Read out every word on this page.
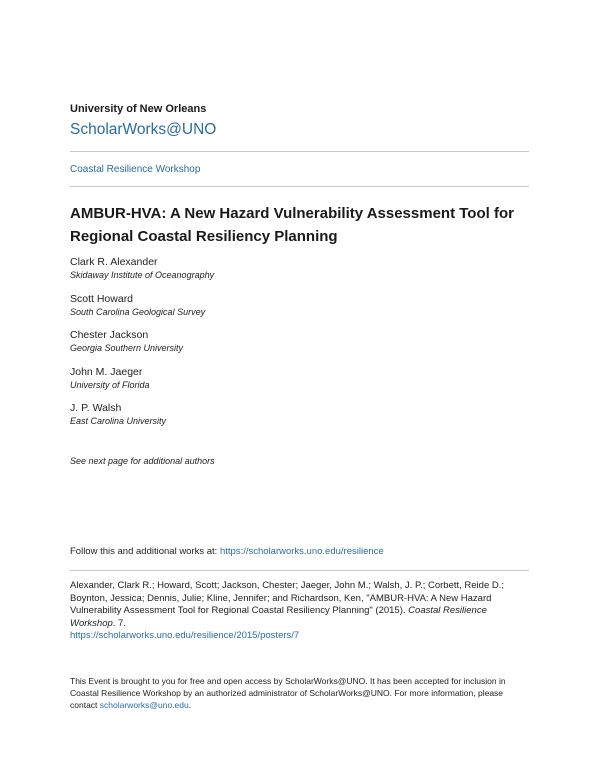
University of New Orleans
ScholarWorks@UNO
Coastal Resilience Workshop
AMBUR-HVA: A New Hazard Vulnerability Assessment Tool for
Regional Coastal Resiliency Planning
Clark R. Alexander
Skidaway Institute of Oceanography
Scott Howard
South Carolina Geological Survey
Chester Jackson
Georgia Southern University
John M. Jaeger
University of Florida
J. P. Walsh
East Carolina University
See next page for additional authors
Follow this and additional works at: https://scholarworks.uno.edu/resilience
Alexander, Clark R.; Howard, Scott; Jackson, Chester; Jaeger, John M.; Walsh, J. P.; Corbett, Reide D.;
Boynton, Jessica; Dennis, Julie; Kline, Jennifer; and Richardson, Ken, "AMBUR-HVA: A New Hazard
Vulnerability Assessment Tool for Regional Coastal Resiliency Planning" (2015). Coastal Resilience
Workshop. 7.
https://scholarworks.uno.edu/resilience/2015/posters/7
This Event is brought to you for free and open access by ScholarWorks@UNO. It has been accepted for inclusion in
Coastal Resilience Workshop by an authorized administrator of ScholarWorks@UNO. For more information, please
contact scholarworks@uno.edu.
